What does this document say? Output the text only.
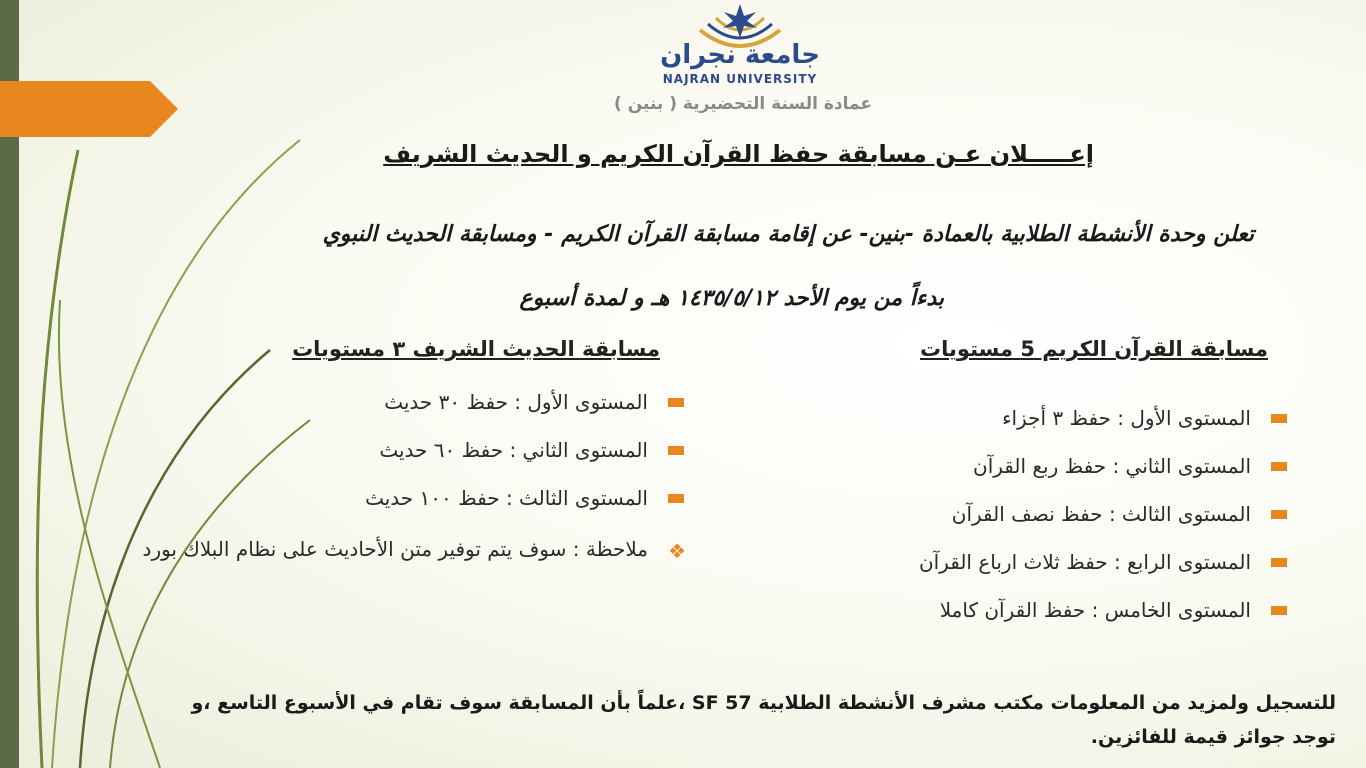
جامعة نجران
NAJRAN UNIVERSITY
عمادة السنة التحضيرية ( بنين )
إعـــــلان عـن مسابقة حفظ القرآن الكريم و الحديث الشريف
تعلن وحدة الأنشطة الطلابية بالعمادة -بنين- عن إقامة مسابقة القرآن الكريم - ومسابقة الحديث النبوي
بدءاً من يوم الأحد ١٤٣٥/٥/١٢ هـ و لمدة أسبوع
مسابقة القرآن الكريم 5 مستويات
مسابقة الحديث الشريف ٣ مستويات
المستوى الأول : حفظ ٣ أجزاء
المستوى الثاني : حفظ ربع القرآن
المستوى الثالث : حفظ نصف القرآن
المستوى الرابع : حفظ ثلاث ارباع القرآن
المستوى الخامس : حفظ القرآن كاملا
المستوى الأول : حفظ ٣٠ حديث
المستوى الثاني : حفظ ٦٠ حديث
المستوى الثالث : حفظ ١٠٠ حديث
❖
ملاحظة : سوف يتم توفير متن الأحاديث على نظام البلاك بورد
للتسجيل ولمزيد من المعلومات مكتب مشرف الأنشطة الطلابية SF 57 ،علماً بأن المسابقة سوف تقام في الأسبوع التاسع ،و توجد جوائز قيمة للفائزين.
